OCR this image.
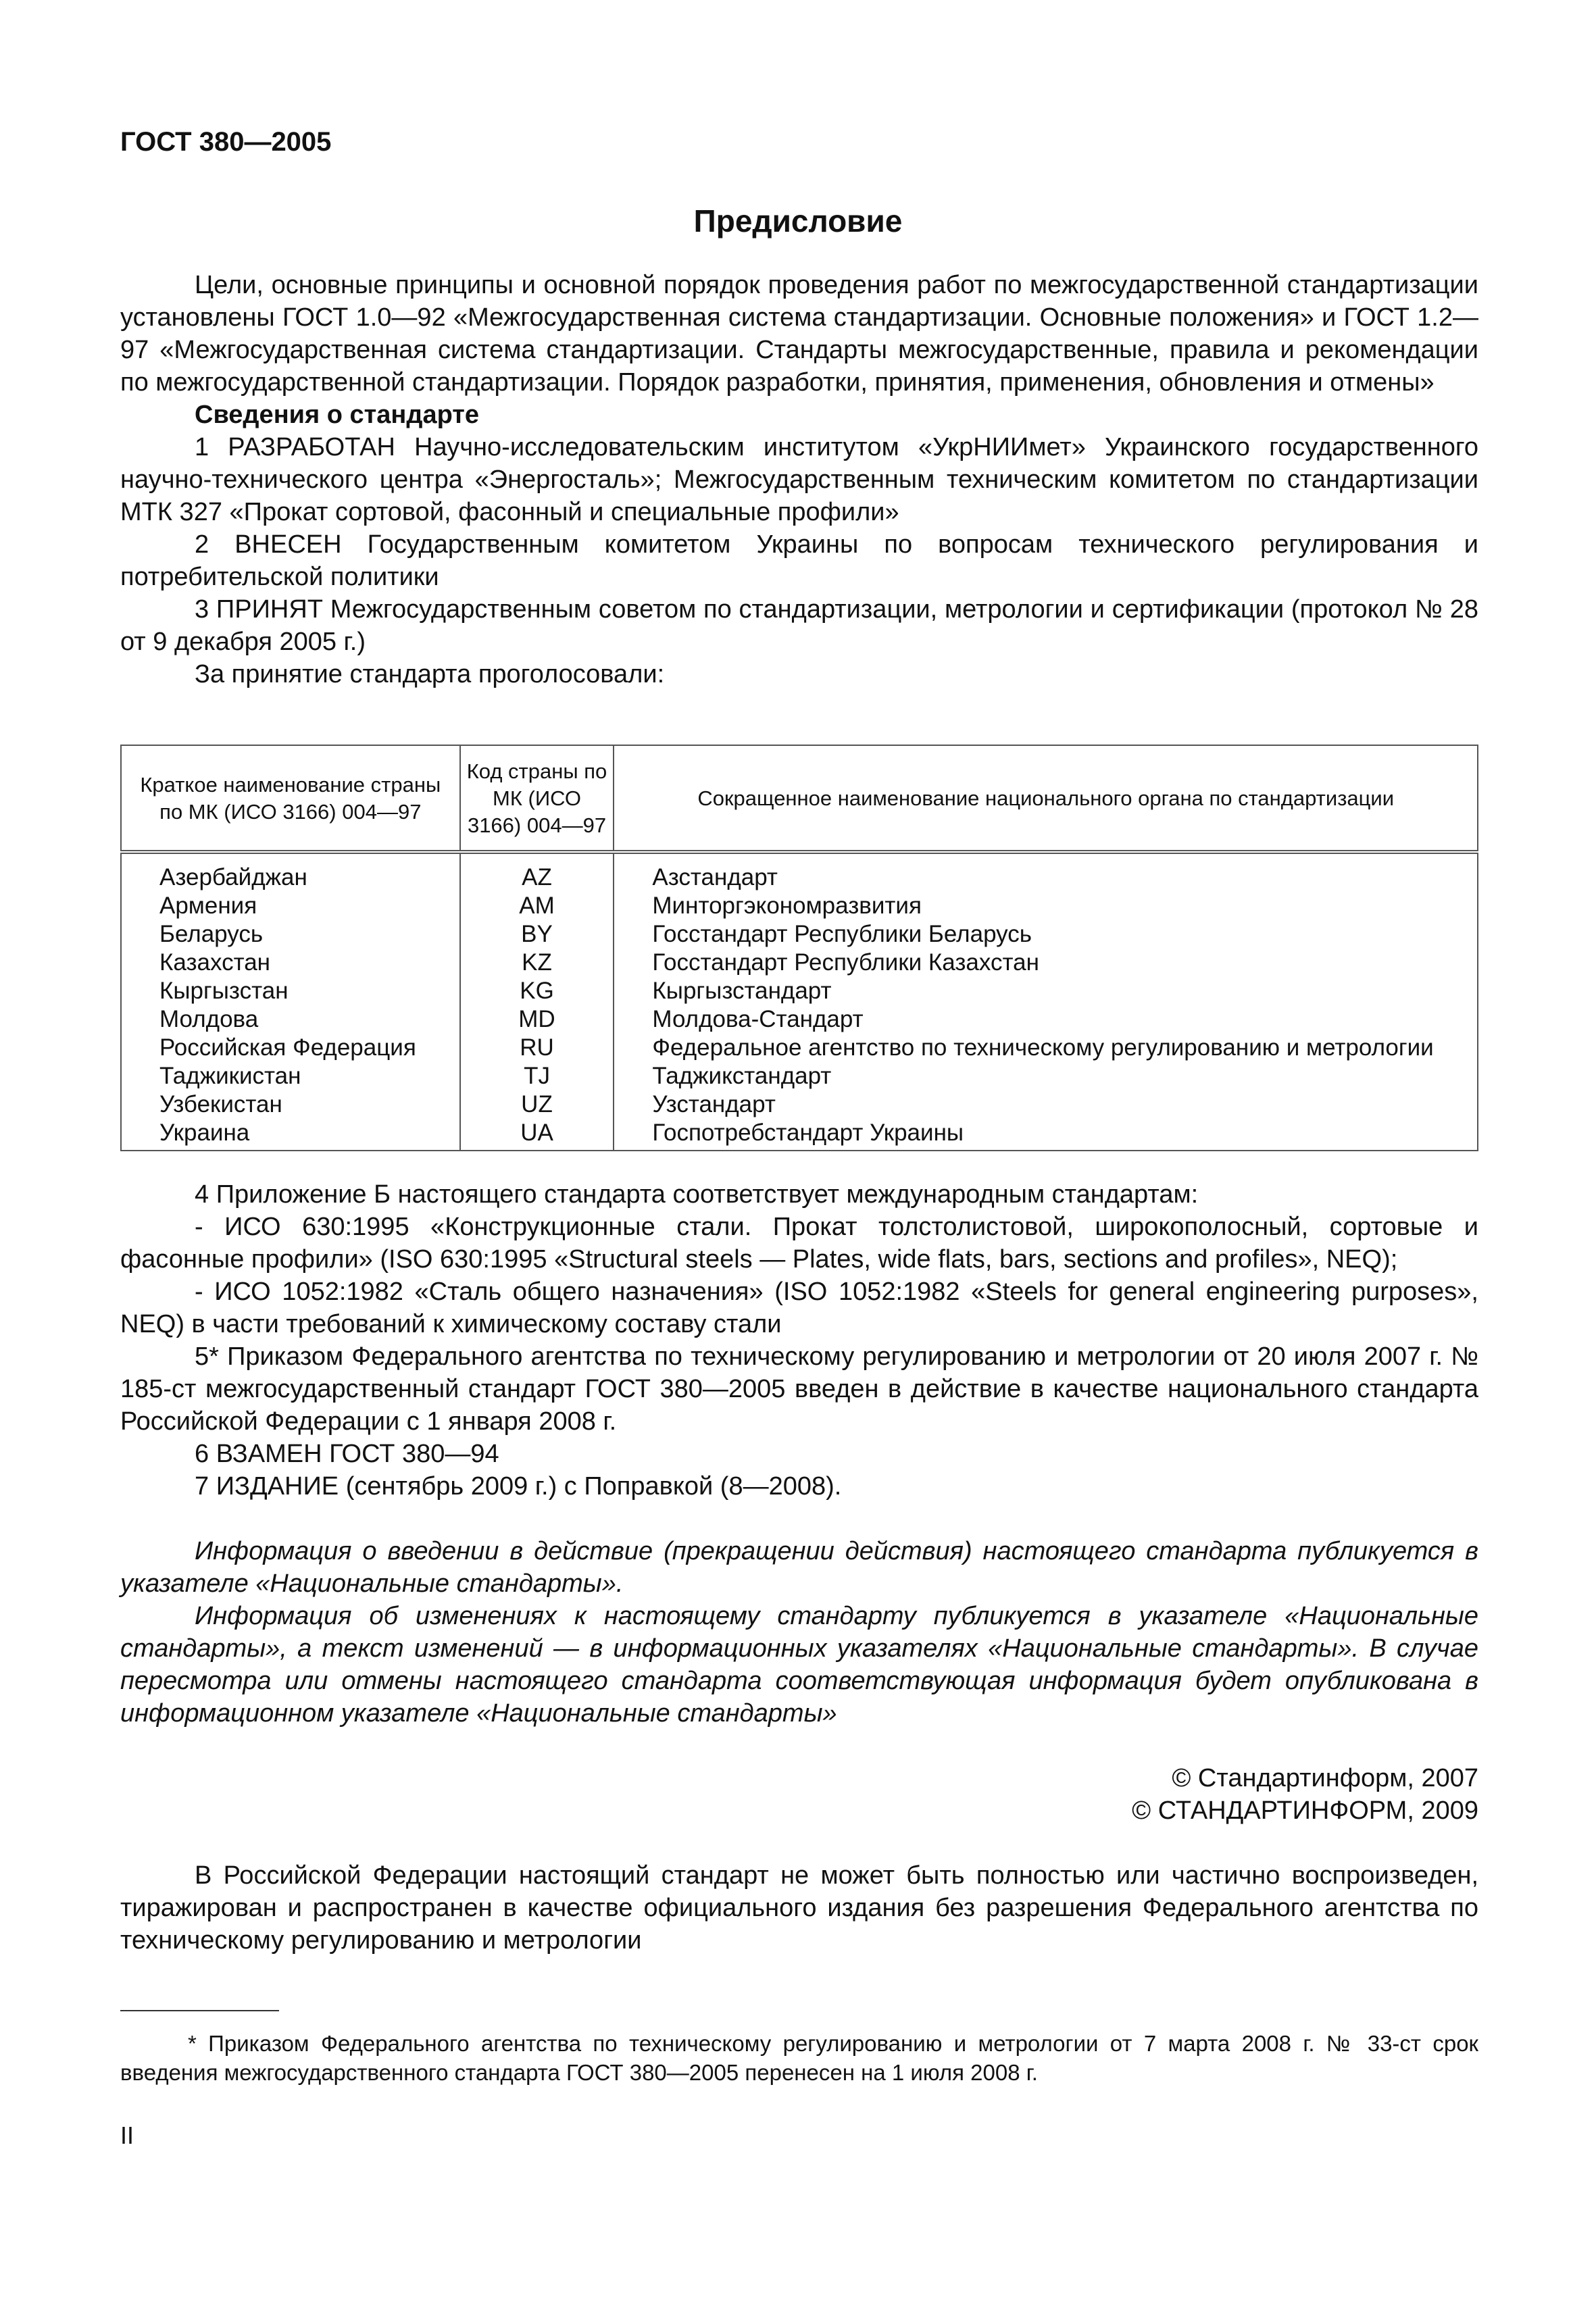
ГОСТ 380—2005
Предисловие

Цели, основные принципы и основной порядок проведения работ по межгосударственной стандартизации установлены ГОСТ 1.0—92 «Межгосударственная система стандартизации. Основные положения» и ГОСТ 1.2—97 «Межгосударственная система стандартизации. Стандарты межгосударственные, правила и рекомендации по межгосударственной стандартизации. Порядок разработки, принятия, применения, обновления и отмены»

Сведения о стандарте

1 РАЗРАБОТАН Научно-исследовательским институтом «УкрНИИмет» Украинского государственного научно-технического центра «Энергосталь»; Межгосударственным техническим комитетом по стандартизации МТК 327 «Прокат сортовой, фасонный и специальные профили»

2 ВНЕСЕН Государственным комитетом Украины по вопросам технического регулирования и потребительской политики

3 ПРИНЯТ Межгосударственным советом по стандартизации, метрологии и сертификации (протокол № 28 от 9 декабря 2005 г.)

За принятие стандарта проголосовали:

Краткое наименование страны по МК (ИСО 3166) 004—97	Код страны по МК (ИСО 3166) 004—97	Сокращенное наименование национального органа по стандартизации
Азербайджан	AZ	Азстандарт
Армения	AM	Минторгэкономразвития
Беларусь	BY	Госстандарт Республики Беларусь
Казахстан	KZ	Госстандарт Республики Казахстан
Кыргызстан	KG	Кыргызстандарт
Молдова	MD	Молдова-Стандарт
Российская Федерация	RU	Федеральное агентство по техническому регулированию и метрологии
Таджикистан	TJ	Таджикстандарт
Узбекистан	UZ	Узстандарт
Украина	UA	Госпотребстандарт Украины

4 Приложение Б настоящего стандарта соответствует международным стандартам:

- ИСО 630:1995 «Конструкционные стали. Прокат толстолистовой, широкополосный, сортовые и фасонные профили» (ISO 630:1995 «Structural steels — Plates, wide flats, bars, sections and profiles», NEQ);

- ИСО 1052:1982 «Сталь общего назначения» (ISO 1052:1982 «Steels for general engineering purposes», NEQ) в части требований к химическому составу стали

5* Приказом Федерального агентства по техническому регулированию и метрологии от 20 июля 2007 г. № 185-ст межгосударственный стандарт ГОСТ 380—2005 введен в действие в качестве национального стандарта Российской Федерации с 1 января 2008 г.

6 ВЗАМЕН ГОСТ 380—94

7 ИЗДАНИЕ (сентябрь 2009 г.) с Поправкой (8—2008).

Информация о введении в действие (прекращении действия) настоящего стандарта публикуется в указателе «Национальные стандарты».

Информация об изменениях к настоящему стандарту публикуется в указателе «Национальные стандарты», а текст изменений — в информационных указателях «Национальные стандарты». В случае пересмотра или отмены настоящего стандарта соответствующая информация будет опубликована в информационном указателе «Национальные стандарты»

© Стандартинформ, 2007

© СТАНДАРТИНФОРМ, 2009

В Российской Федерации настоящий стандарт не может быть полностью или частично воспроизведен, тиражирован и распространен в качестве официального издания без разрешения Федерального агентства по техническому регулированию и метрологии

* Приказом Федерального агентства по техническому регулированию и метрологии от 7 марта 2008 г. № 33-ст срок введения межгосударственного стандарта ГОСТ 380—2005 перенесен на 1 июля 2008 г.

II
